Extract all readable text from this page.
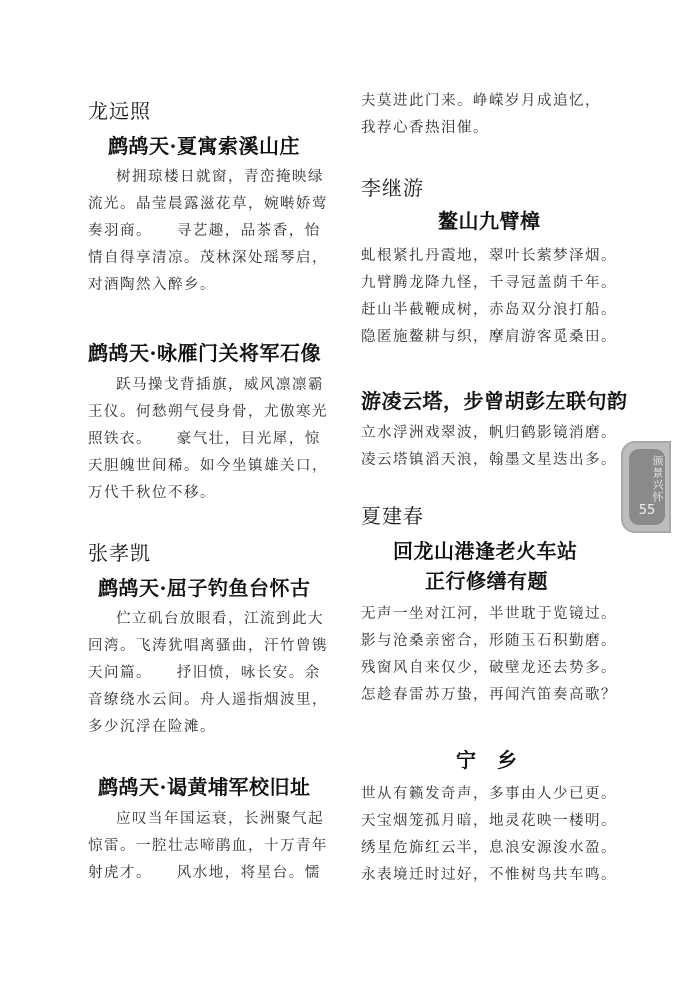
龙远照
鹧鸪天·夏寓索溪山庄
树拥琼楼日就窗，青峦掩映绿
流光。晶莹晨露滋花草，婉啭娇莺
奏羽商。　　寻艺趣，品茶香，怡
情自得享清凉。茂林深处瑶琴启，
对酒陶然入醉乡。
鹧鸪天·咏雁门关将军石像
跃马操戈背插旗，威风凛凛霸
王仪。何愁朔气侵身骨，尤傲寒光
照铁衣。　　豪气壮，目光犀，惊
天胆魄世间稀。如今坐镇雄关口，
万代千秋位不移。
张孝凯
鹧鸪天·屈子钓鱼台怀古
伫立矶台放眼看，江流到此大
回湾。飞涛犹唱离骚曲，汗竹曾镌
天问篇。　　抒旧愤，咏长安。余
音缭绕水云间。舟人遥指烟波里，
多少沉浮在险滩。
鹧鸪天·谒黄埔军校旧址
应叹当年国运衰，长洲聚气起
惊雷。一腔壮志啼鹃血，十万青年
射虎才。　　风水地，将星台。懦
夫莫进此门来。峥嵘岁月成追忆，
我荐心香热泪催。
李继游
鳌山九臂樟
虬根紧扎丹霞地，翠叶长萦梦泽烟。
九臂腾龙降九怪，千寻冠盖荫千年。
赶山半截鞭成树，赤岛双分浪打船。
隐匿施鳌耕与织，摩肩游客觅桑田。
游凌云塔，步曾胡彭左联句韵
立水浮洲戏翠波，帆归鹤影镜消磨。
凌云塔镇滔天浪，翰墨文星迭出多。
夏建春
回龙山港逢老火车站
正行修缮有题
无声一坐对江河，半世耽于览镜过。
影与沧桑亲密合，形随玉石积勤磨。
残窗风自来仅少，破壁龙还去势多。
怎趁春雷苏万蛰，再闻汽笛奏高歌？
宁　乡
世从有籁发奇声，多事由人少已更。
天宝烟笼孤月暗，地灵花映一楼明。
绣星危旆红云半，息浪安源浚水盈。
永表境迁时过好，不惟树鸟共车鸣。
颁景兴怀
55
